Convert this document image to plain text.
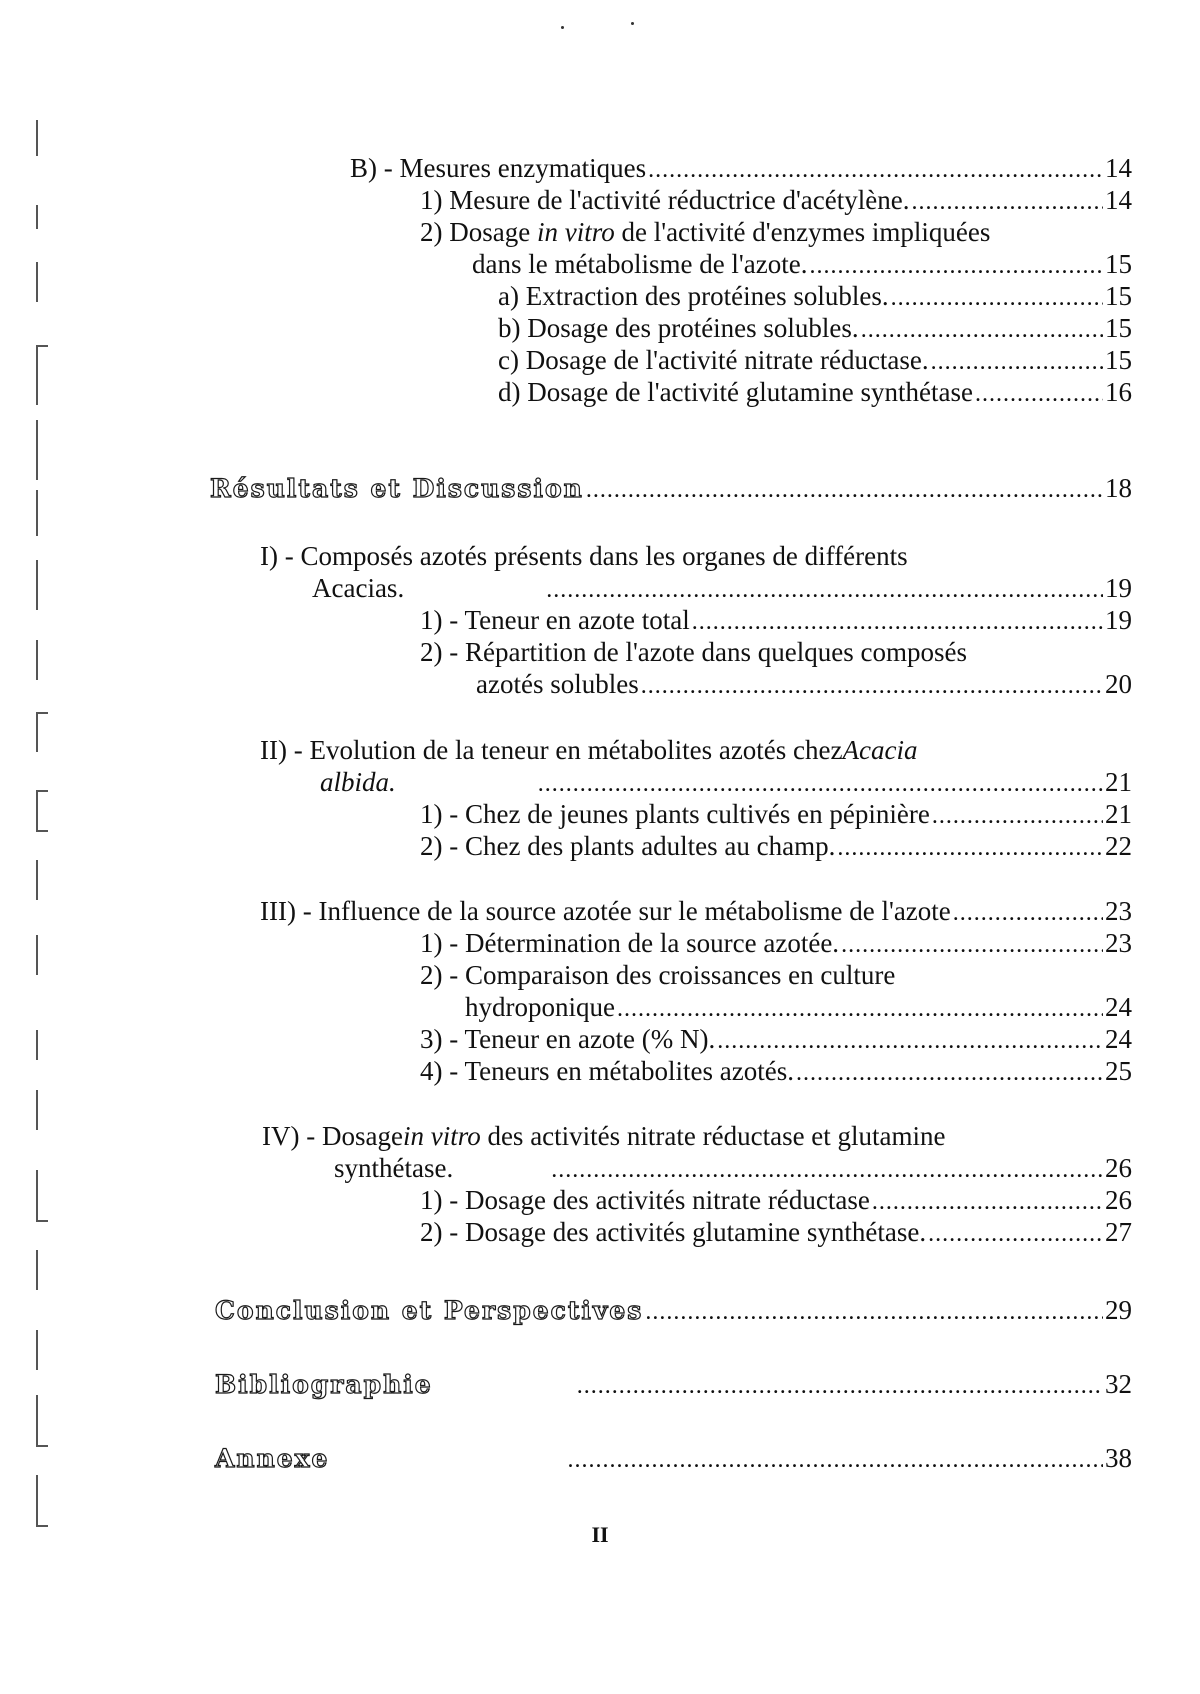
B) - Mesures enzymatiques .....	14
1) Mesure de l'activité réductrice d'acétylène. .....	14
2) Dosage in vitro de l'activité d'enzymes impliquées
dans le métabolisme de l'azote. .....	15
a) Extraction des protéines solubles. .....	15
b) Dosage des protéines solubles. .....	15
c) Dosage de l'activité nitrate réductase. .....	15
d) Dosage de l'activité glutamine synthétase .....	16
Résultats et Discussion .....	18
I) - Composés azotés présents dans les organes de différents
Acacias. .....	19
1) - Teneur en azote total .....	19
2) - Répartition de l'azote dans quelques composés
azotés solubles .....	20
II) - Evolution de la teneur en métabolites azotés chezAcacia
albida. .....	21
1) - Chez de jeunes plants cultivés en pépinière .....	21
2) - Chez des plants adultes au champ. .....	22
III) - Influence de la source azotée sur le métabolisme de l'azote .....	23
1) - Détermination de la source azotée. .....	23
2) - Comparaison des croissances en culture
hydroponique .....	24
3) - Teneur en azote (% N). .....	24
4) - Teneurs en métabolites azotés. .....	25
IV) - Dosagein vitro des activités nitrate réductase et glutamine
synthétase. .....	26
1) - Dosage des activités nitrate réductase .....	26
2) - Dosage des activités glutamine synthétase. .....	27
Conclusion et Perspectives .....	29
Bibliographie .....	32
Annexe .....	38
II
